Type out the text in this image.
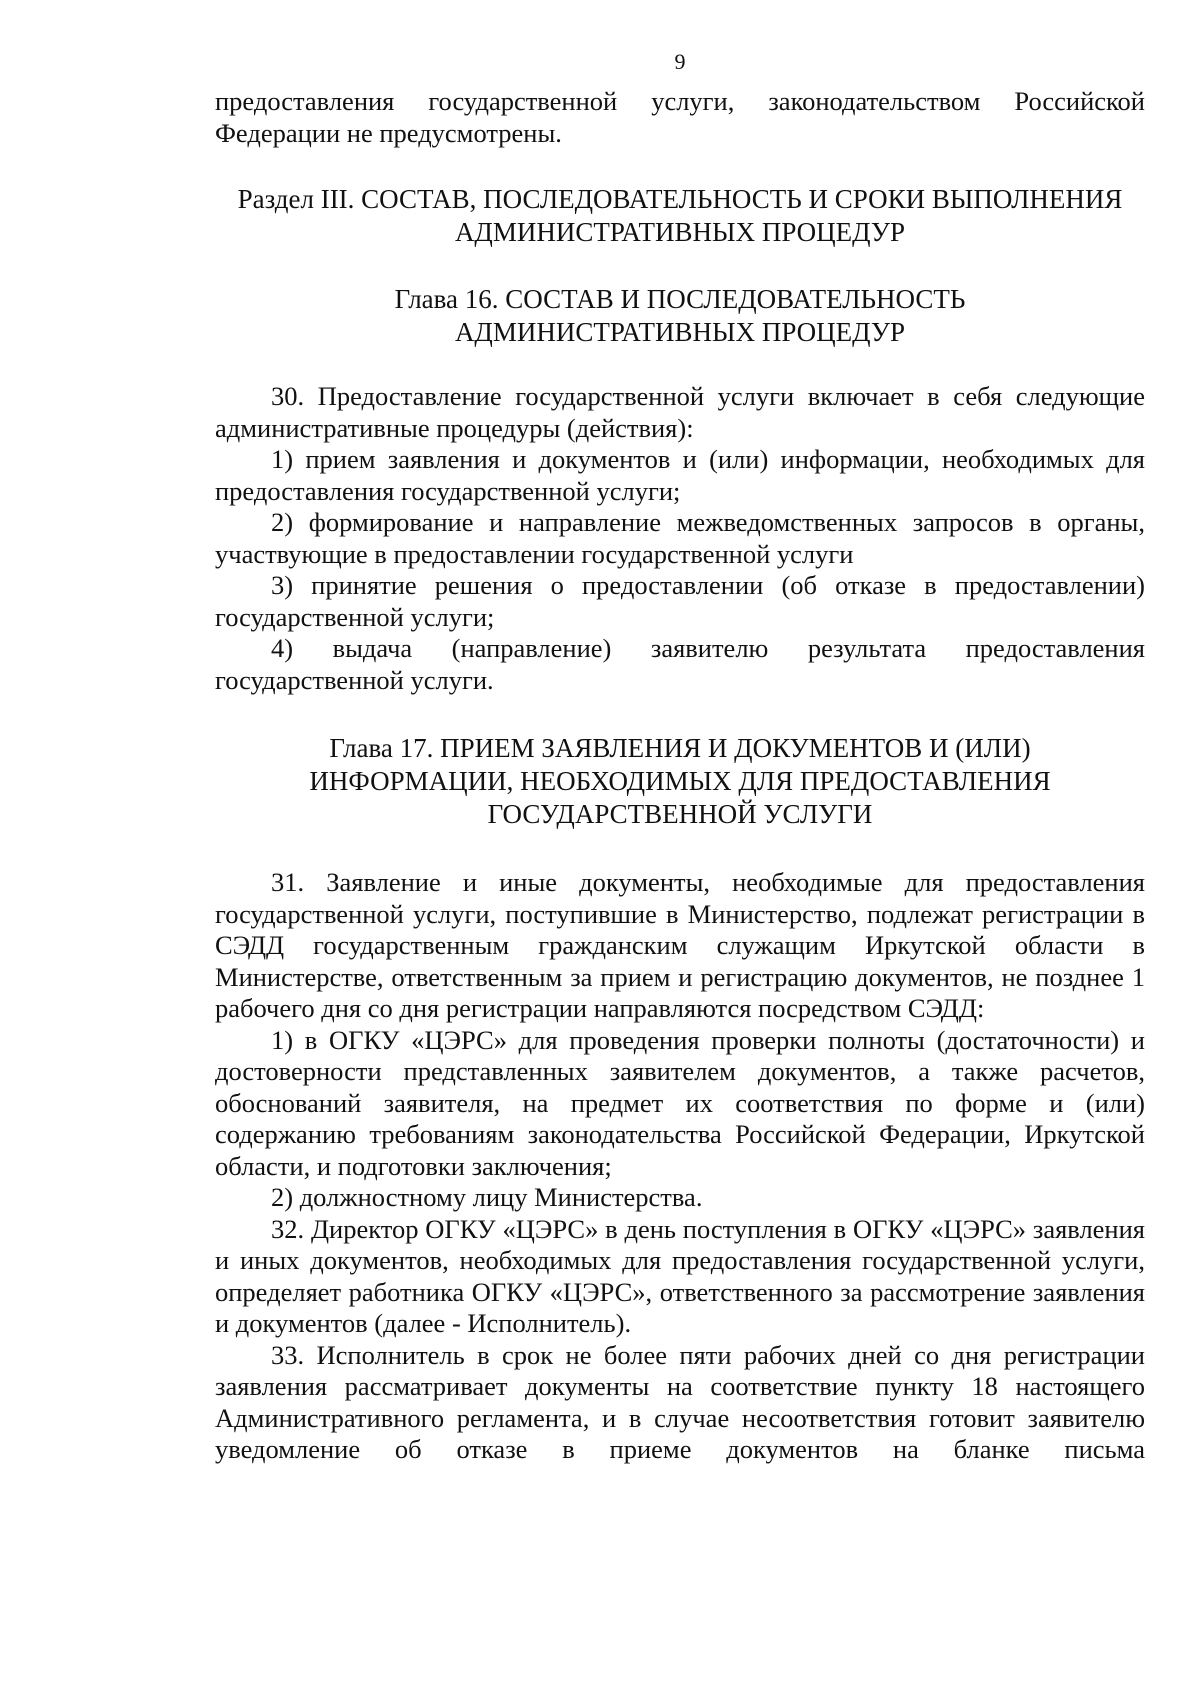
9

предоставления государственной услуги, законодательством Российской

Федерации не предусмотрены.

Раздел III. СОСТАВ, ПОСЛЕДОВАТЕЛЬНОСТЬ И СРОКИ ВЫПОЛНЕНИЯ
АДМИНИСТРАТИВНЫХ ПРОЦЕДУР
Глава 16. СОСТАВ И ПОСЛЕДОВАТЕЛЬНОСТЬ
АДМИНИСТРАТИВНЫХ ПРОЦЕДУР

30. Предоставление государственной услуги включает в себя следующие административные процедуры (действия):

1) прием заявления и документов и (или) информации, необходимых для предоставления государственной услуги;

2) формирование и направление межведомственных запросов в органы, участвующие в предоставлении государственной услуги

3) принятие решения о предоставлении (об отказе в предоставлении) государственной услуги;

4) выдача (направление) заявителю результата предоставления государственной услуги.

Глава 17. ПРИЕМ ЗАЯВЛЕНИЯ И ДОКУМЕНТОВ И (ИЛИ)
ИНФОРМАЦИИ, НЕОБХОДИМЫХ ДЛЯ ПРЕДОСТАВЛЕНИЯ
ГОСУДАРСТВЕННОЙ УСЛУГИ

31. Заявление и иные документы, необходимые для предоставления государственной услуги, поступившие в Министерство, подлежат регистрации в СЭДД государственным гражданским служащим Иркутской области в Министерстве, ответственным за прием и регистрацию документов, не позднее 1 рабочего дня со дня регистрации направляются посредством СЭДД:

1) в ОГКУ «ЦЭРС» для проведения проверки полноты (достаточности) и достоверности представленных заявителем документов, а также расчетов, обоснований заявителя, на предмет их соответствия по форме и (или) содержанию требованиям законодательства Российской Федерации, Иркутской области, и подготовки заключения;

2) должностному лицу Министерства.

32. Директор ОГКУ «ЦЭРС» в день поступления в ОГКУ «ЦЭРС» заявления и иных документов, необходимых для предоставления государственной услуги, определяет работника ОГКУ «ЦЭРС», ответственного за рассмотрение заявления и документов (далее - Исполнитель).

33. Исполнитель в срок не более пяти рабочих дней со дня регистрации заявления рассматривает документы на соответствие пункту 18 настоящего Административного регламента, и в случае несоответствия готовит заявителю уведомление об отказе в приеме документов на бланке письма
